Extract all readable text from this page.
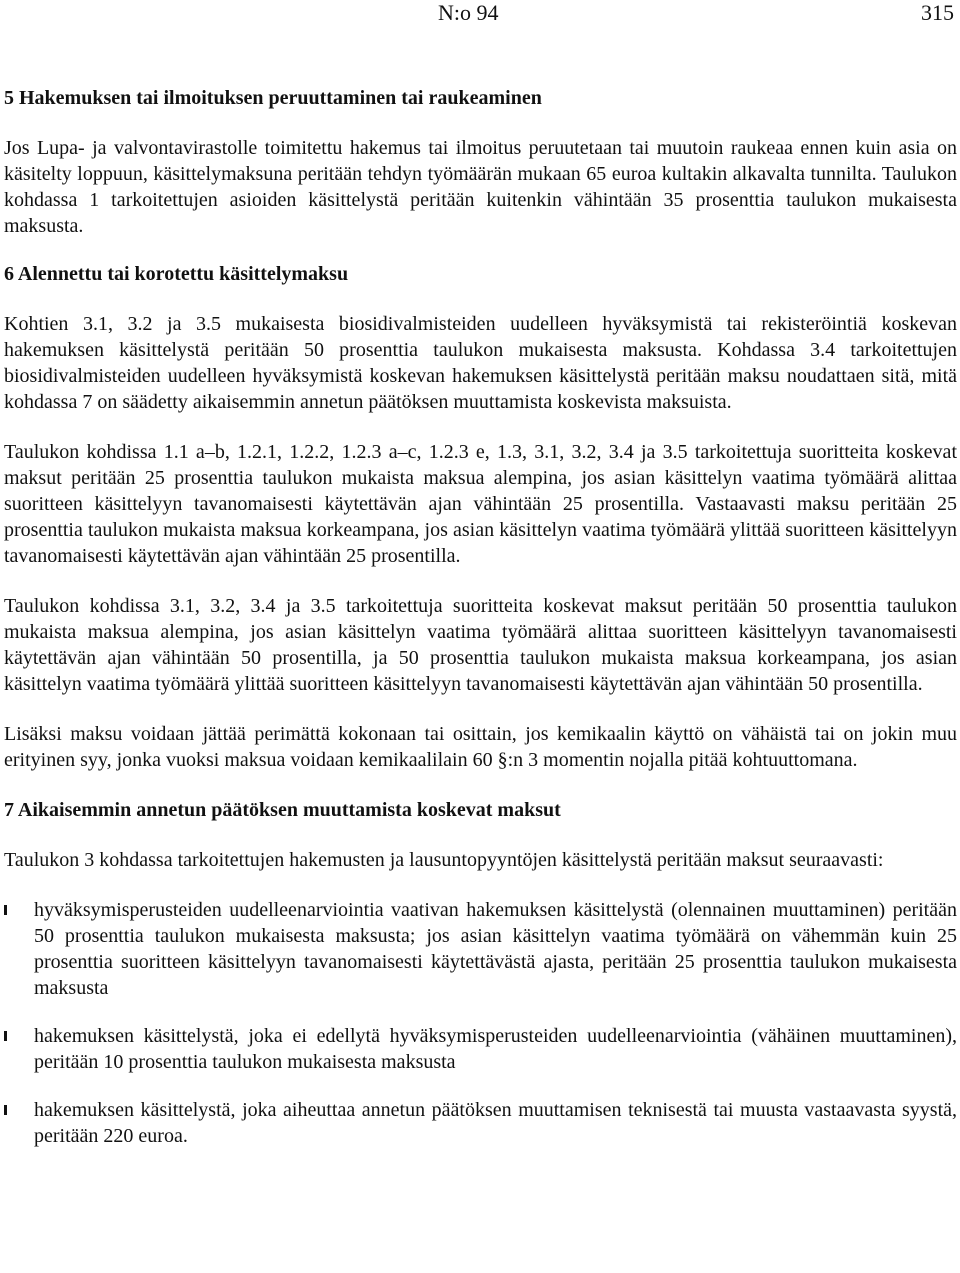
N:o 94	315
5 Hakemuksen tai ilmoituksen peruuttaminen tai raukeaminen

Jos Lupa- ja valvontavirastolle toimitettu hakemus tai ilmoitus peruutetaan tai muutoin raukeaa ennen kuin asia on käsitelty loppuun, käsittelymaksuna peritään tehdyn työmäärän mukaan 65 euroa kultakin alkavalta tunnilta. Taulukon kohdassa 1 tarkoitettujen asioiden käsittelystä peritään kuitenkin vähintään 35 prosenttia taulukon mukaisesta maksusta.

6 Alennettu tai korotettu käsittelymaksu

Kohtien 3.1, 3.2 ja 3.5 mukaisesta biosidivalmisteiden uudelleen hyväksymistä tai rekisteröintiä koskevan hakemuksen käsittelystä peritään 50 prosenttia taulukon mukaisesta maksusta. Kohdassa 3.4 tarkoitettujen biosidivalmisteiden uudelleen hyväksymistä koskevan hakemuksen käsittelystä peritään maksu noudattaen sitä, mitä kohdassa 7 on säädetty aikaisemmin annetun päätöksen muuttamista koskevista maksuista.

Taulukon kohdissa 1.1 a–b, 1.2.1, 1.2.2, 1.2.3 a–c, 1.2.3 e, 1.3, 3.1, 3.2, 3.4 ja 3.5 tarkoitettuja suoritteita koskevat maksut peritään 25 prosenttia taulukon mukaista maksua alempina, jos asian käsittelyn vaatima työmäärä alittaa suoritteen käsittelyyn tavanomaisesti käytettävän ajan vähintään 25 prosentilla. Vastaavasti maksu peritään 25 prosenttia taulukon mukaista maksua korkeampana, jos asian käsittelyn vaatima työmäärä ylittää suoritteen käsittelyyn tavanomaisesti käytettävän ajan vähintään 25 prosentilla.

Taulukon kohdissa 3.1, 3.2, 3.4 ja 3.5 tarkoitettuja suoritteita koskevat maksut peritään 50 prosenttia taulukon mukaista maksua alempina, jos asian käsittelyn vaatima työmäärä alittaa suoritteen käsittelyyn tavanomaisesti käytettävän ajan vähintään 50 prosentilla, ja 50 prosenttia taulukon mukaista maksua korkeampana, jos asian käsittelyn vaatima työmäärä ylittää suoritteen käsittelyyn tavanomaisesti käytettävän ajan vähintään 50 prosentilla.

Lisäksi maksu voidaan jättää perimättä kokonaan tai osittain, jos kemikaalin käyttö on vähäistä tai on jokin muu erityinen syy, jonka vuoksi maksua voidaan kemikaalilain 60 §:n 3 momentin nojalla pitää kohtuuttomana.

7 Aikaisemmin annetun päätöksen muuttamista koskevat maksut

Taulukon 3 kohdassa tarkoitettujen hakemusten ja lausuntopyyntöjen käsittelystä peritään maksut seuraavasti:

hyväksymisperusteiden uudelleenarviointia vaativan hakemuksen käsittelystä (olennainen muuttaminen) peritään 50 prosenttia taulukon mukaisesta maksusta; jos asian käsittelyn vaatima työmäärä on vähemmän kuin 25 prosenttia suoritteen käsittelyyn tavanomaisesti käytettävästä ajasta, peritään 25 prosenttia taulukon mukaisesta maksusta

hakemuksen käsittelystä, joka ei edellytä hyväksymisperusteiden uudelleenarviointia (vähäinen muuttaminen), peritään 10 prosenttia taulukon mukaisesta maksusta

hakemuksen käsittelystä, joka aiheuttaa annetun päätöksen muuttamisen teknisestä tai muusta vastaavasta syystä, peritään 220 euroa.
